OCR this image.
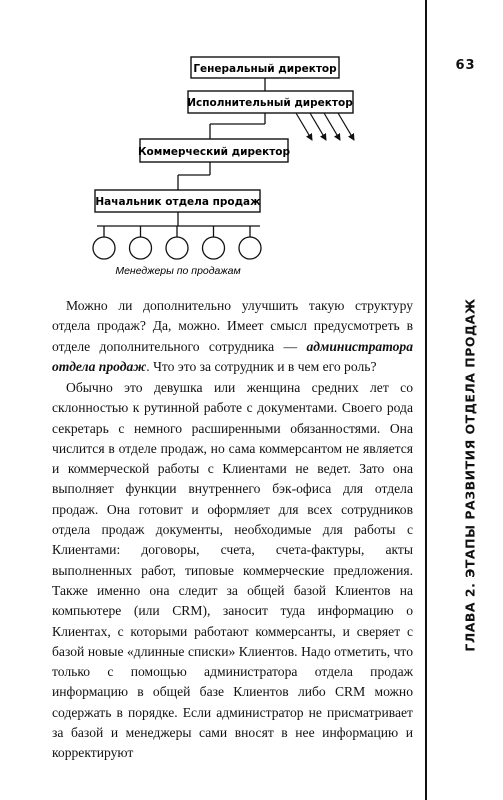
63
ГЛАВА 2. ЭТАПЫ РАЗВИТИЯ ОТДЕЛА ПРОДАЖ
Генеральный директор
Исполнительный директор
Коммерческий директор
Начальник отдела продаж
Менеджеры по продажам

Можно ли дополнительно улучшить такую структуру отдела продаж? Да, можно. Имеет смысл предусмотреть в отделе дополнительного сотрудника — администратора отдела продаж. Что это за сотрудник и в чем его роль?

Обычно это девушка или женщина средних лет со склонностью к рутинной работе с документами. Своего рода секретарь с немного расширенными обязанностями. Она числится в отделе продаж, но сама коммерсантом не является и коммерческой работы с Клиентами не ведет. Зато она выполняет функции внутреннего бэк-офиса для отдела продаж. Она готовит и оформляет для всех сотрудников отдела продаж документы, необходимые для работы с Клиентами: договоры, счета, счета-фактуры, акты выполненных работ, типовые коммерческие предложения. Также именно она следит за общей базой Клиентов на компьютере (или CRM), заносит туда информацию о Клиентах, с которыми работают коммерсанты, и сверяет с базой новые «длинные списки» Клиентов. Надо отметить, что только с помощью администратора отдела продаж информацию в общей базе Клиентов либо CRM можно содержать в порядке. Если администратор не присматривает за базой и менеджеры сами вносят в нее информацию и корректируют
